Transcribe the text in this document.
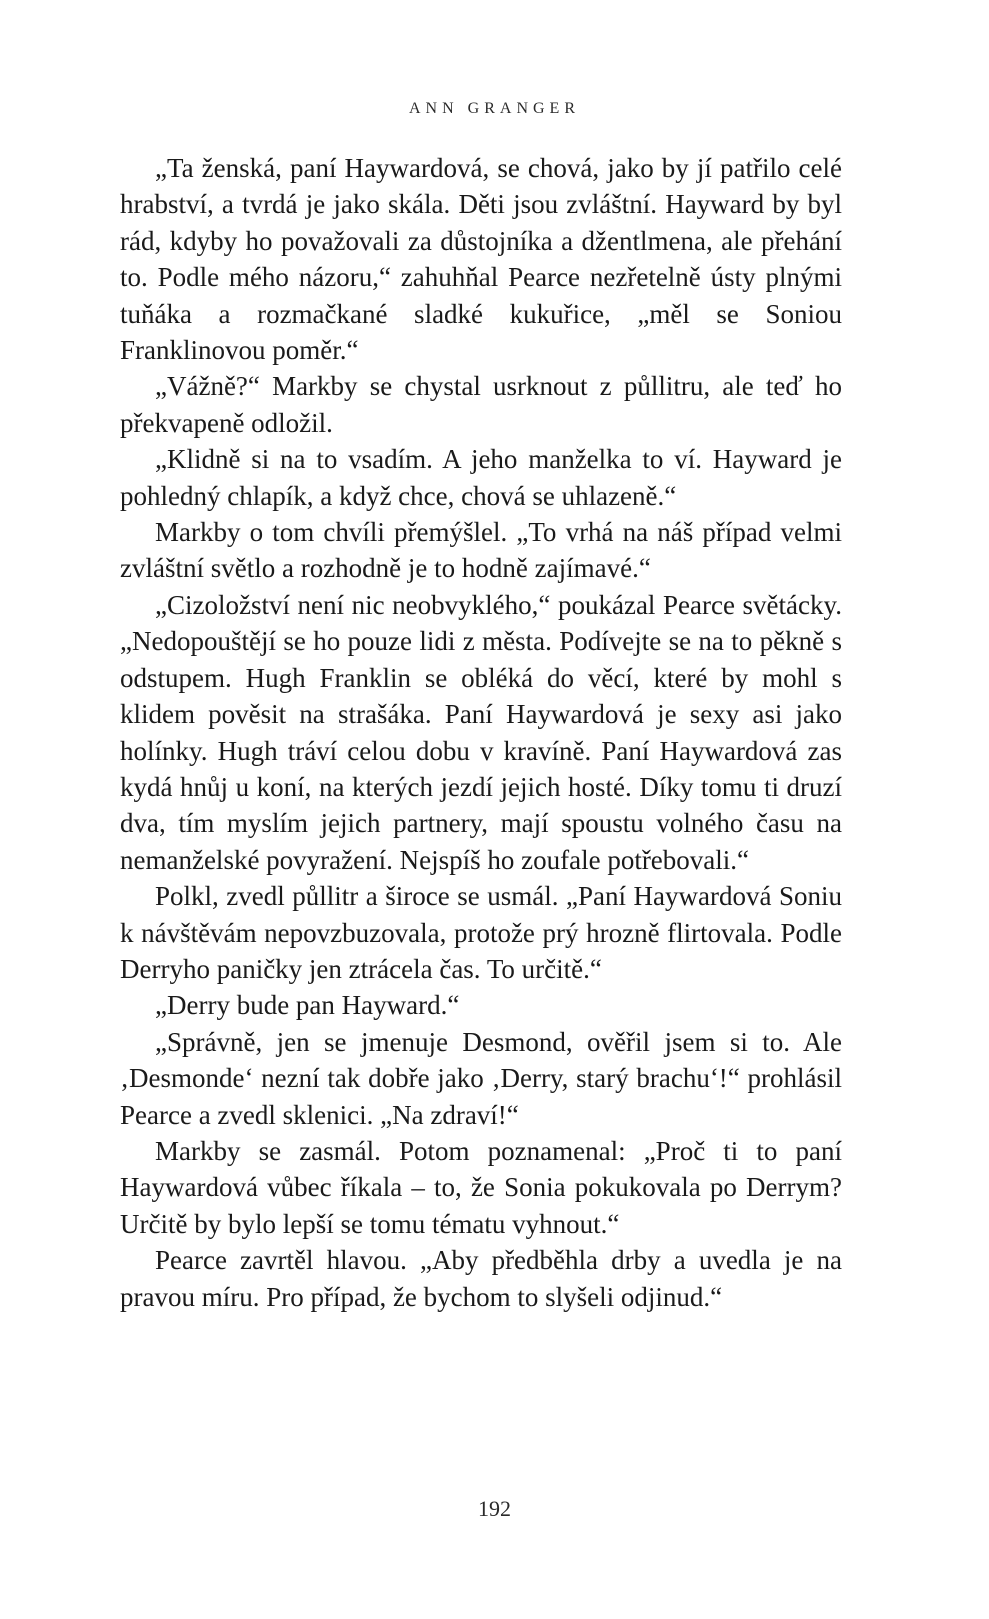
ANN GRANGER

„Ta ženská, paní Haywardová, se chová, jako by jí patřilo celé hrabství, a tvrdá je jako skála. Děti jsou zvláštní. Hayward by byl rád, kdyby ho považovali za důstojníka a džentlmena, ale přehání to. Podle mého názoru,“ zahuhňal Pearce nezřetelně ústy plnými tuňáka a rozmačkané sladké kukuřice, „měl se Soniou Franklinovou poměr.“

„Vážně?“ Markby se chystal usrknout z půllitru, ale teď ho překvapeně odložil.

„Klidně si na to vsadím. A jeho manželka to ví. Hayward je pohledný chlapík, a když chce, chová se uhlazeně.“

Markby o tom chvíli přemýšlel. „To vrhá na náš případ velmi zvláštní světlo a rozhodně je to hodně zajímavé.“

„Cizoložství není nic neobvyklého,“ poukázal Pearce světácky. „Nedopouštějí se ho pouze lidi z města. Podívejte se na to pěkně s odstupem. Hugh Franklin se obléká do věcí, které by mohl s klidem pověsit na strašáka. Paní Haywardová je sexy asi jako holínky. Hugh tráví celou dobu v kravíně. Paní Haywardová zas kydá hnůj u koní, na kterých jezdí jejich hosté. Díky tomu ti druzí dva, tím myslím jejich partnery, mají spoustu volného času na nemanželské povyražení. Nejspíš ho zoufale potřebovali.“

Polkl, zvedl půllitr a široce se usmál. „Paní Haywardová Soniu k návštěvám nepovzbuzovala, protože prý hrozně flirtovala. Podle Derryho paničky jen ztrácela čas. To určitě.“

„Derry bude pan Hayward.“

„Správně, jen se jmenuje Desmond, ověřil jsem si to. Ale ‚Desmonde‘ nezní tak dobře jako ‚Derry, starý brachu‘!“ prohlásil Pearce a zvedl sklenici. „Na zdraví!“

Markby se zasmál. Potom poznamenal: „Proč ti to paní Haywardová vůbec říkala – to, že Sonia pokukovala po Derrym? Určitě by bylo lepší se tomu tématu vyhnout.“

Pearce zavrtěl hlavou. „Aby předběhla drby a uvedla je na pravou míru. Pro případ, že bychom to slyšeli odjinud.“

192
